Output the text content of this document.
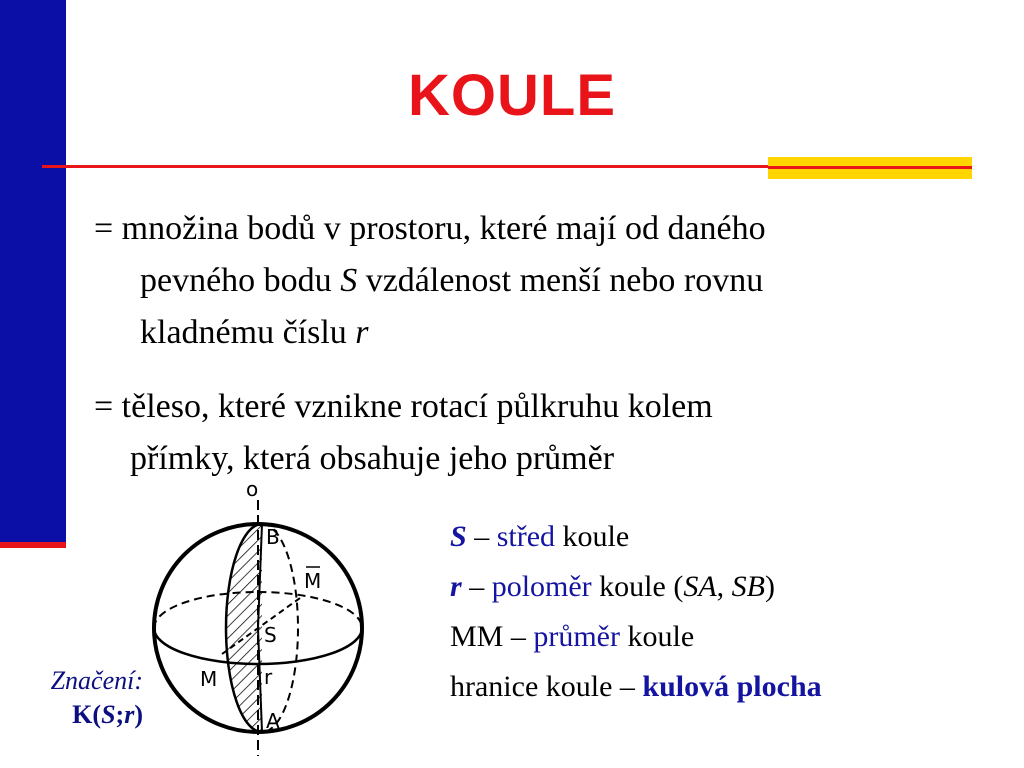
KOULE
= množina bodů v prostoru, které mají od daného
pevného bodu S vzdálenost menší nebo rovnu
kladnému číslu r
= těleso, které vznikne rotací půlkruhu kolem
přímky, která obsahuje jeho průměr
o
B
M
S
M r
A
Značení:
K(S;r)

S – střed koule

r – poloměr koule (SA, SB)

MM – průměr koule

hranice koule – kulová plocha
